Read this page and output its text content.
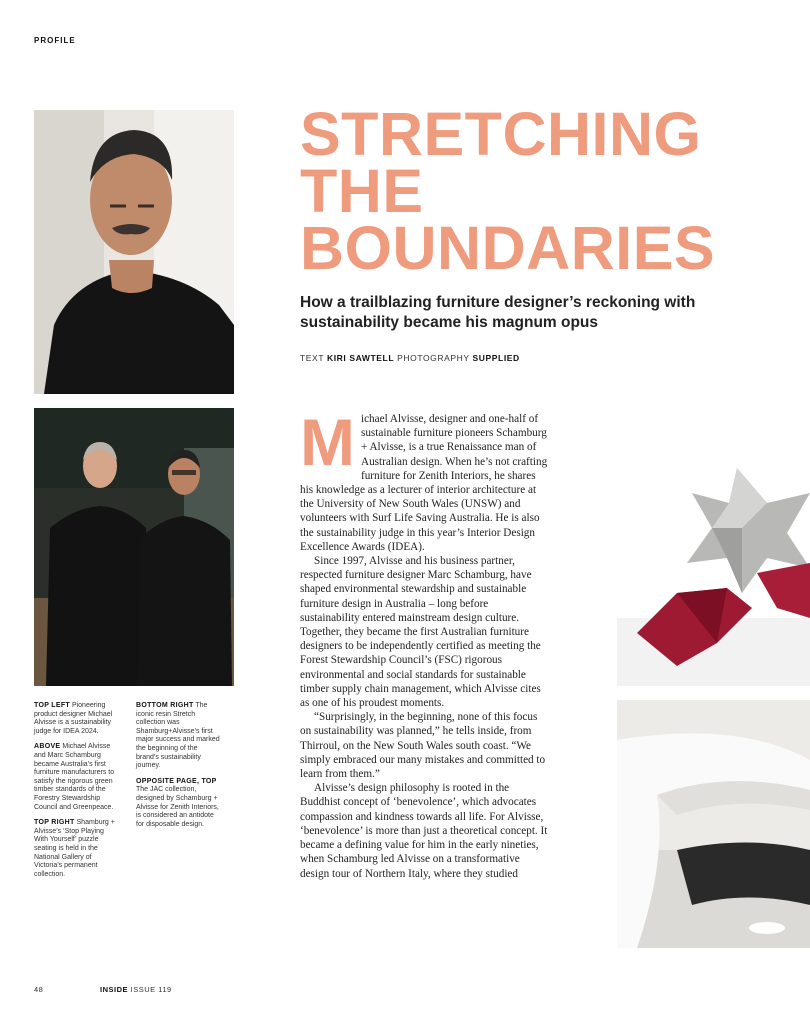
PROFILE
STRETCHING
THE
BOUNDARIES
How a trailblazing furniture designer’s reckoning with sustainability became his magnum opus
TEXT KIRI SAWTELL PHOTOGRAPHY SUPPLIED

Michael Alvisse, designer and one-half of sustainable furniture pioneers Schamburg + Alvisse, is a true Renaissance man of Australian design. When he’s not crafting furniture for Zenith Interiors, he shares his knowledge as a lecturer of interior architecture at the University of New South Wales (UNSW) and volunteers with Surf Life Saving Australia. He is also the sustainability judge in this year’s Interior Design Excellence Awards (IDEA).

Since 1997, Alvisse and his business partner, respected furniture designer Marc Schamburg, have shaped environmental stewardship and sustainable furniture design in Australia – long before sustainability entered mainstream design culture. Together, they became the first Australian furniture designers to be independently certified as meeting the Forest Stewardship Council’s (FSC) rigorous environmental and social standards for sustainable timber supply chain management, which Alvisse cites as one of his proudest moments.

“Surprisingly, in the beginning, none of this focus on sustainability was planned,” he tells inside, from Thirroul, on the New South Wales south coast. “We simply embraced our many mistakes and committed to learn from them.”

Alvisse’s design philosophy is rooted in the Buddhist concept of ‘benevolence’, which advocates compassion and kindness towards all life. For Alvisse, ‘benevolence’ is more than just a theoretical concept. It became a defining value for him in the early nineties, when Schamburg led Alvisse on a transformative design tour of Northern Italy, where they studied

TOP LEFT Pioneering product designer Michael Alvisse is a sustainability judge for IDEA 2024.
ABOVE Michael Alvisse and Marc Schamburg became Australia’s first furniture manufacturers to satisfy the rigorous green timber standards of the Forestry Stewardship Council and Greenpeace.
TOP RIGHT Shamburg + Alvisse’s ‘Stop Playing With Yourself’ puzzle seating is held in the National Gallery of Victoria’s permanent collection.
BOTTOM RIGHT The iconic resin Stretch collection was Shamburg+Alvisse’s first major success and marked the beginning of the brand’s sustainability journey.
OPPOSITE PAGE, TOP The JAC collection, designed by Schamburg + Alvisse for Zenith Interiors, is considered an antidote for disposable design.
48	INSIDE ISSUE 119
